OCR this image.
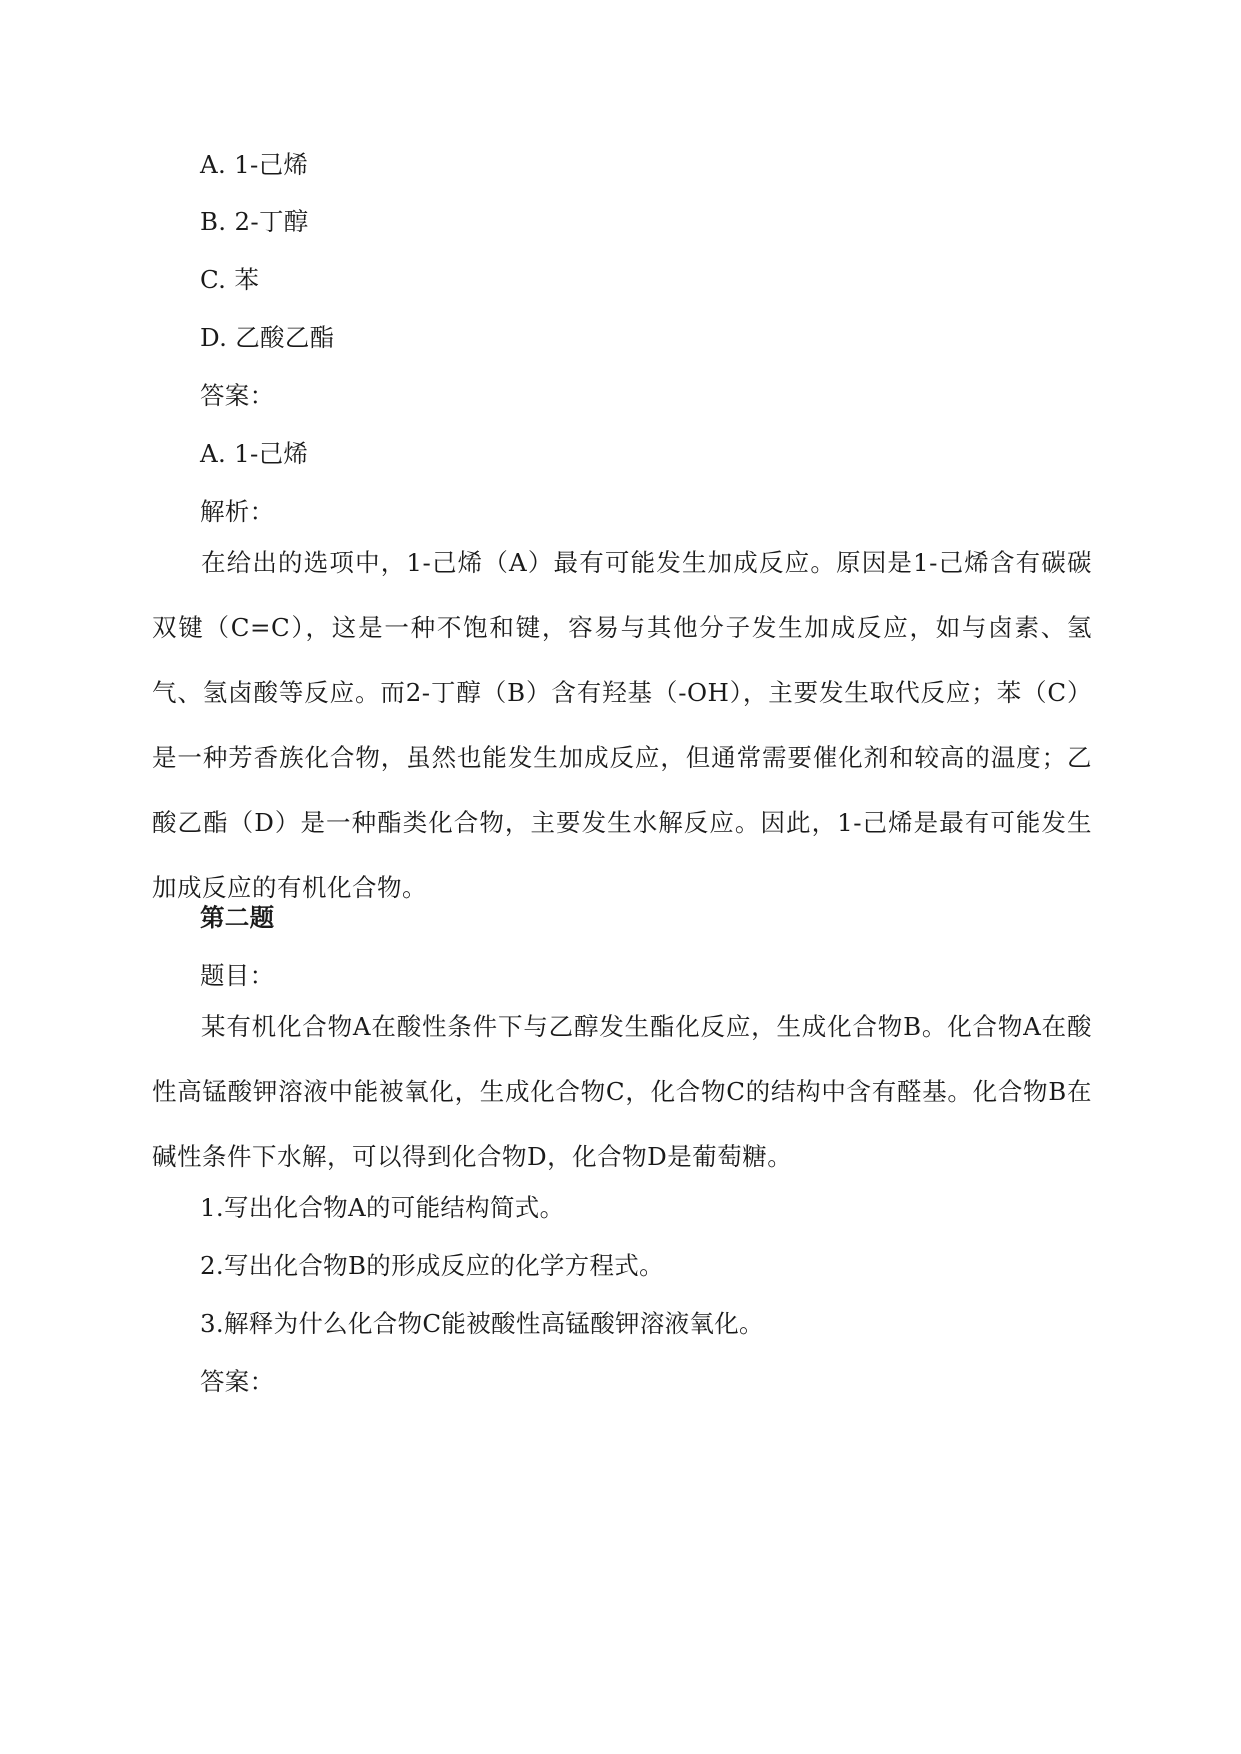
A. 1-己烯
B. 2-丁醇
C. 苯
D. 乙酸乙酯
答案：
A. 1-己烯
解析：
在给出的选项中，1-己烯（A）最有可能发生加成反应。原因是1-己烯含有碳碳双键（C=C），这是一种不饱和键，容易与其他分子发生加成反应，如与卤素、氢气、氢卤酸等反应。而2-丁醇（B）含有羟基（-OH），主要发生取代反应；苯（C）是一种芳香族化合物，虽然也能发生加成反应，但通常需要催化剂和较高的温度；乙酸乙酯（D）是一种酯类化合物，主要发生水解反应。因此，1-己烯是最有可能发生加成反应的有机化合物。
第二题
题目：
某有机化合物A在酸性条件下与乙醇发生酯化反应，生成化合物B。化合物A在酸性高锰酸钾溶液中能被氧化，生成化合物C，化合物C的结构中含有醛基。化合物B在碱性条件下水解，可以得到化合物D，化合物D是葡萄糖。
1.写出化合物A的可能结构简式。
2.写出化合物B的形成反应的化学方程式。
3.解释为什么化合物C能被酸性高锰酸钾溶液氧化。
答案：
